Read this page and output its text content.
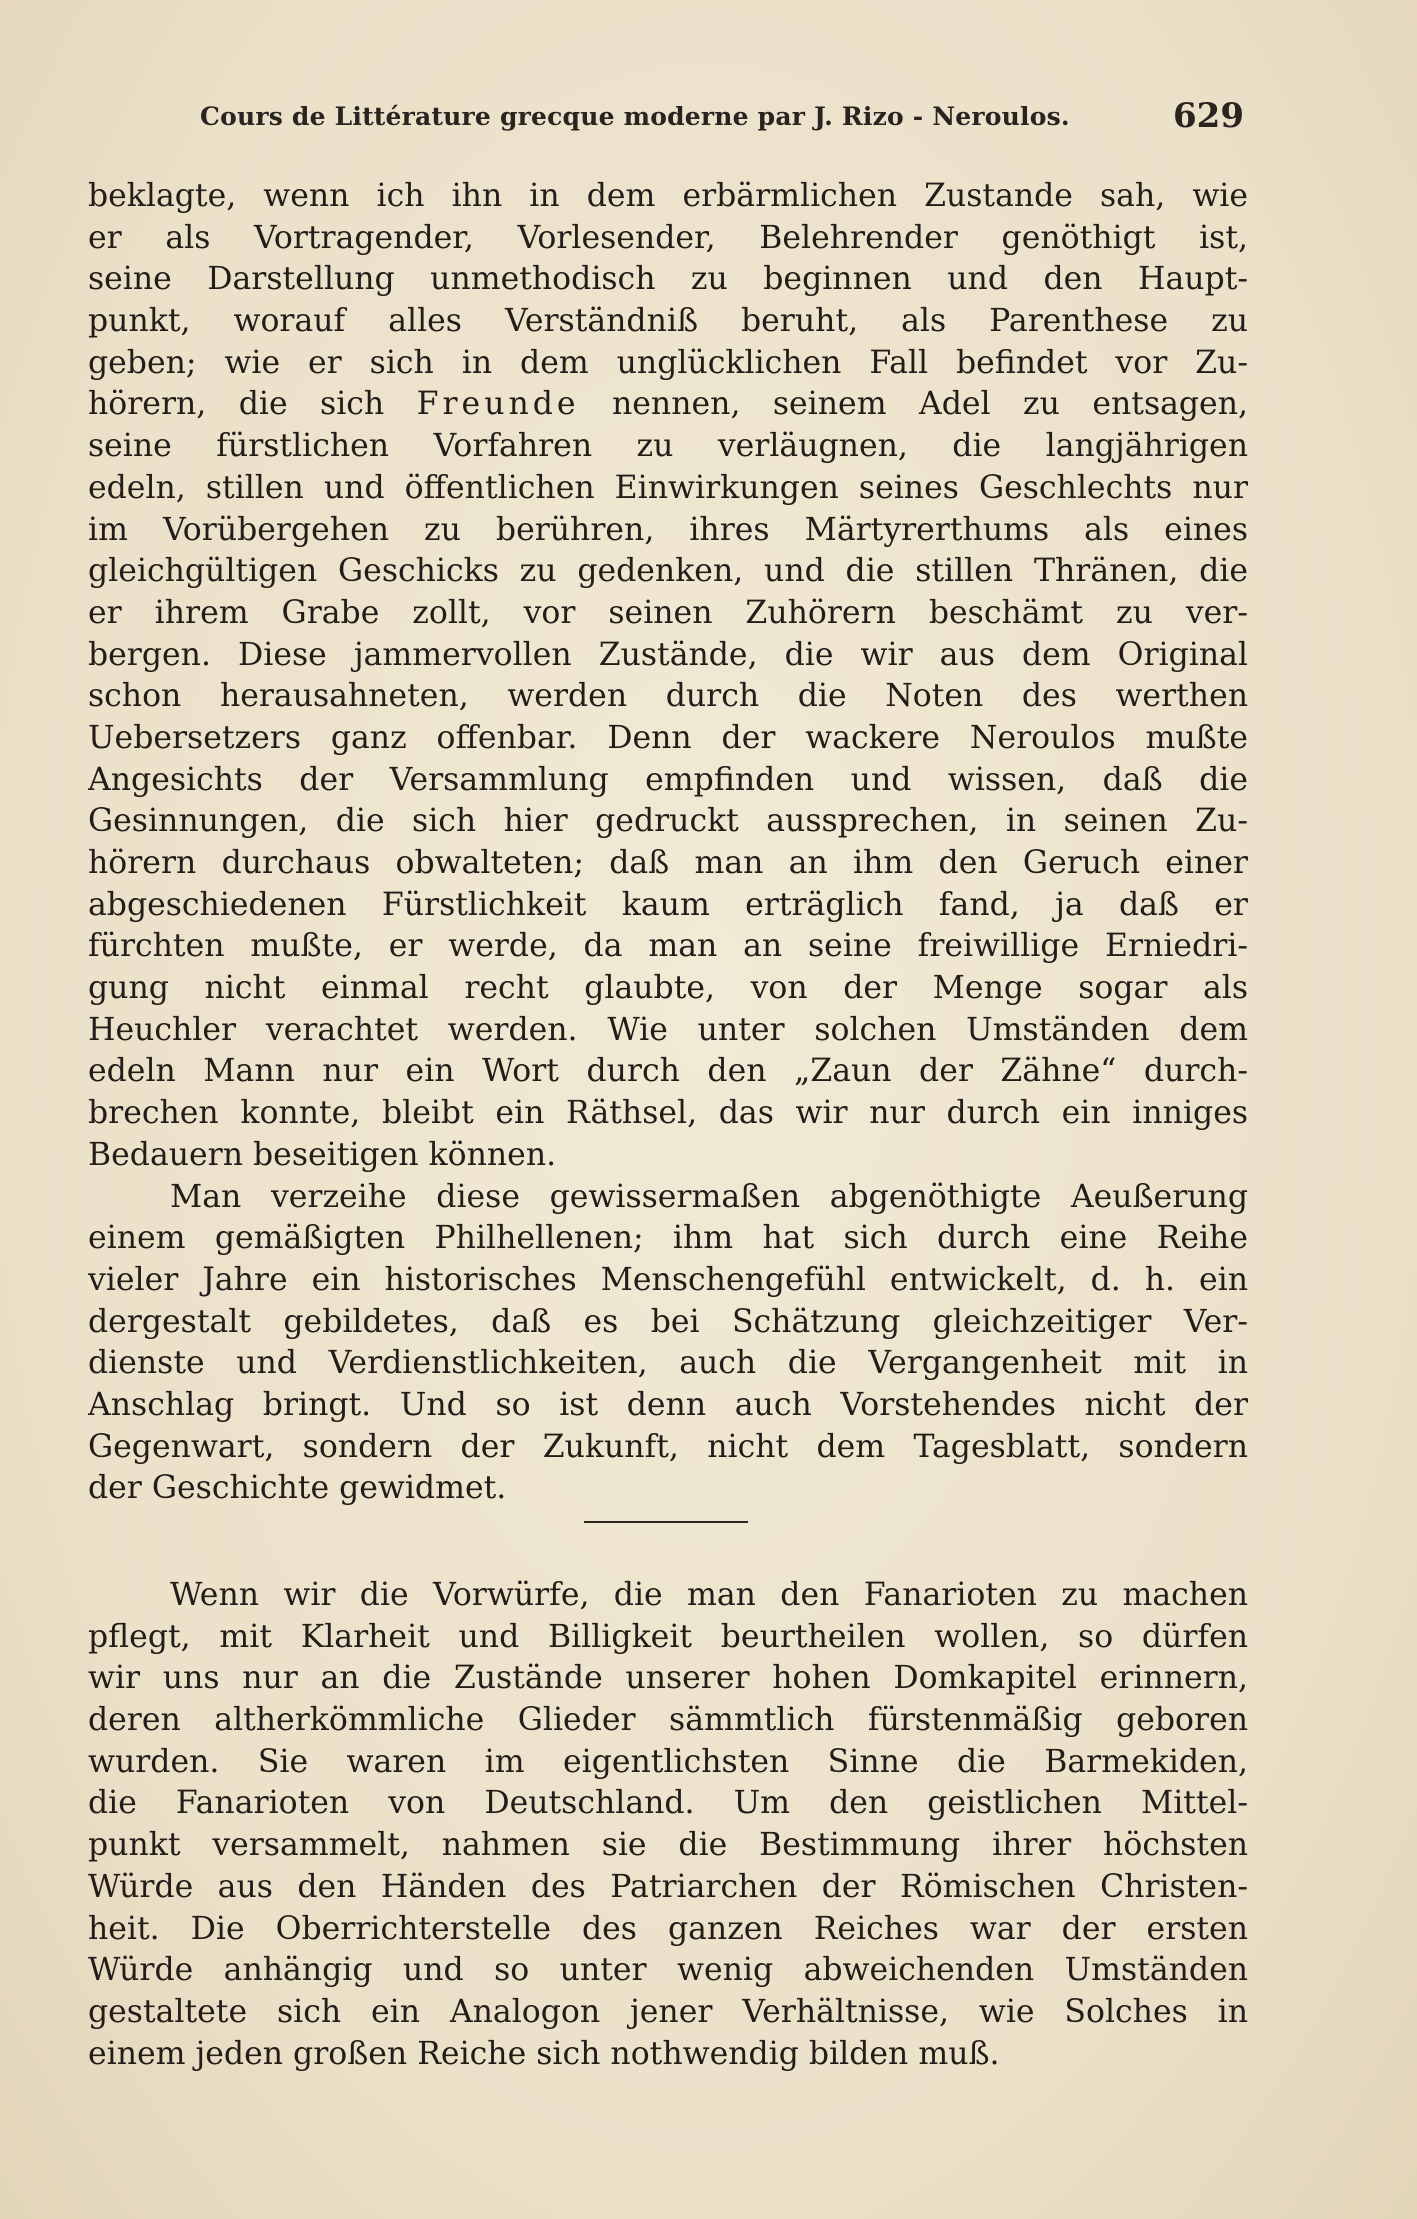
Cours de Littérature grecque moderne par J. Rizo - Neroulos.	629
beklagte, wenn ich ihn in dem erbärmlichen Zustande sah, wie
er als Vortragender, Vorlesender, Belehrender genöthigt ist,
seine Darstellung unmethodisch zu beginnen und den Haupt-
punkt, worauf alles Verständniß beruht, als Parenthese zu
geben; wie er sich in dem unglücklichen Fall befindet vor Zu-
hörern, die sich Freunde nennen, seinem Adel zu entsagen,
seine fürstlichen Vorfahren zu verläugnen, die langjährigen
edeln, stillen und öffentlichen Einwirkungen seines Geschlechts nur
im Vorübergehen zu berühren, ihres Märtyrerthums als eines
gleichgültigen Geschicks zu gedenken, und die stillen Thränen, die
er ihrem Grabe zollt, vor seinen Zuhörern beschämt zu ver-
bergen. Diese jammervollen Zustände, die wir aus dem Original
schon herausahneten, werden durch die Noten des werthen
Uebersetzers ganz offenbar. Denn der wackere Neroulos mußte
Angesichts der Versammlung empfinden und wissen, daß die
Gesinnungen, die sich hier gedruckt aussprechen, in seinen Zu-
hörern durchaus obwalteten; daß man an ihm den Geruch einer
abgeschiedenen Fürstlichkeit kaum erträglich fand, ja daß er
fürchten mußte, er werde, da man an seine freiwillige Erniedri-
gung nicht einmal recht glaubte, von der Menge sogar als
Heuchler verachtet werden. Wie unter solchen Umständen dem
edeln Mann nur ein Wort durch den „Zaun der Zähne“ durch-
brechen konnte, bleibt ein Räthsel, das wir nur durch ein inniges
Bedauern beseitigen können.
Man verzeihe diese gewissermaßen abgenöthigte Aeußerung
einem gemäßigten Philhellenen; ihm hat sich durch eine Reihe
vieler Jahre ein historisches Menschengefühl entwickelt, d. h. ein
dergestalt gebildetes, daß es bei Schätzung gleichzeitiger Ver-
dienste und Verdienstlichkeiten, auch die Vergangenheit mit in
Anschlag bringt. Und so ist denn auch Vorstehendes nicht der
Gegenwart, sondern der Zukunft, nicht dem Tagesblatt, sondern
der Geschichte gewidmet.
Wenn wir die Vorwürfe, die man den Fanarioten zu machen
pflegt, mit Klarheit und Billigkeit beurtheilen wollen, so dürfen
wir uns nur an die Zustände unserer hohen Domkapitel erinnern,
deren altherkömmliche Glieder sämmtlich fürstenmäßig geboren
wurden. Sie waren im eigentlichsten Sinne die Barmekiden,
die Fanarioten von Deutschland. Um den geistlichen Mittel-
punkt versammelt, nahmen sie die Bestimmung ihrer höchsten
Würde aus den Händen des Patriarchen der Römischen Christen-
heit. Die Oberrichterstelle des ganzen Reiches war der ersten
Würde anhängig und so unter wenig abweichenden Umständen
gestaltete sich ein Analogon jener Verhältnisse, wie Solches in
einem jeden großen Reiche sich nothwendig bilden muß.
